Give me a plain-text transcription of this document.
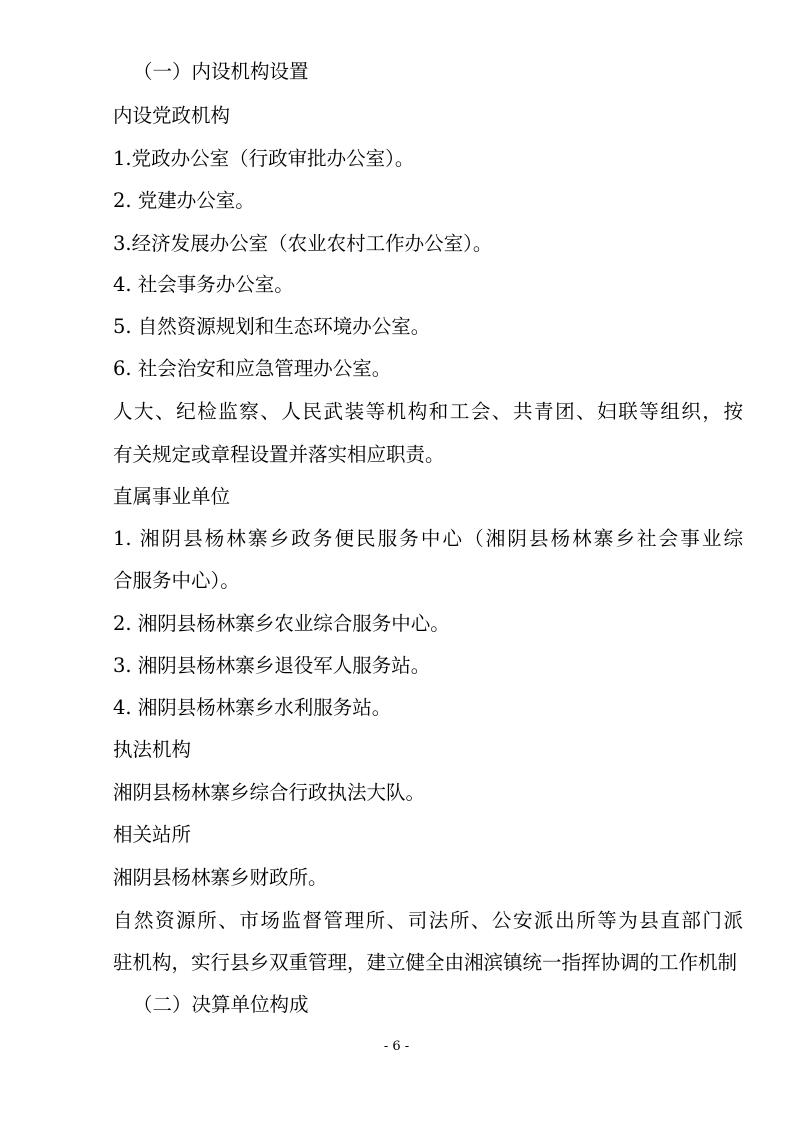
（一）内设机构设置
内设党政机构
1.党政办公室（行政审批办公室）。
2. 党建办公室。
3.经济发展办公室（农业农村工作办公室）。
4. 社会事务办公室。
5. 自然资源规划和生态环境办公室。
6. 社会治安和应急管理办公室。
人大、纪检监察、人民武装等机构和工会、共青团、妇联等组织，按
有关规定或章程设置并落实相应职责。
直属事业单位
1. 湘阴县杨林寨乡政务便民服务中心（湘阴县杨林寨乡社会事业综
合服务中心）。
2. 湘阴县杨林寨乡农业综合服务中心。
3. 湘阴县杨林寨乡退役军人服务站。
4. 湘阴县杨林寨乡水利服务站。
执法机构
湘阴县杨林寨乡综合行政执法大队。
相关站所
湘阴县杨林寨乡财政所。
自然资源所、市场监督管理所、司法所、公安派出所等为县直部门派
驻机构，实行县乡双重管理，建立健全由湘滨镇统一指挥协调的工作机制
（二）决算单位构成
- 6 -
